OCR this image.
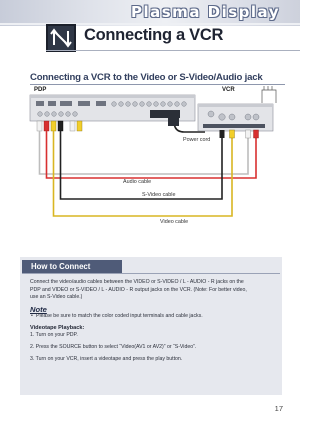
Plasma Display
Connecting a VCR
Connecting a VCR to the Video or S-Video/Audio jack
PDP	VCR
Power cord
Audio cable
S-Video cable
Video cable
How to Connect
Connect the video/audio cables between the VIDEO or S-VIDEO / L - AUDIO - R jacks on the
PDP and VIDEO or S-VIDEO / L - AUDIO - R output jacks on the VCR. (Note: For better video,
use an S-Video cable.)
Note
• Please be sure to match the color coded input terminals and cable jacks.
Videotape Playback:
1. Turn on your PDP.
2. Press the SOURCE button to select “Video(AV1 or AV2)” or “S-Video”.
3. Turn on your VCR, insert a videotape and press the play button.
17
